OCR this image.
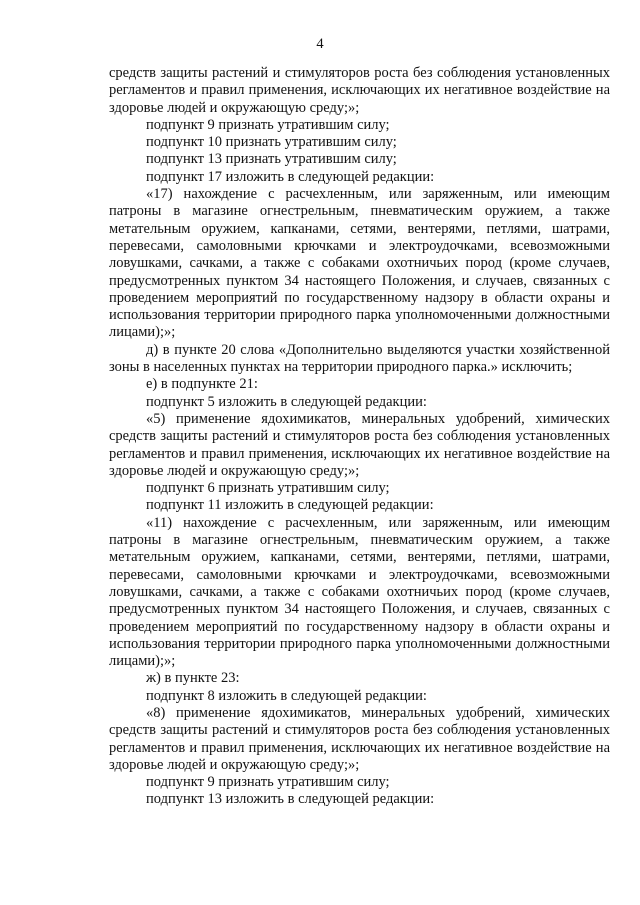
4

средств защиты растений и стимуляторов роста без соблюдения установленных регламентов и правил применения, исключающих их негативное воздействие на здоровье людей и окружающую среду;»;

подпункт 9 признать утратившим силу;

подпункт 10 признать утратившим силу;

подпункт 13 признать утратившим силу;

подпункт 17 изложить в следующей редакции:

«17) нахождение с расчехленным, или заряженным, или имеющим патроны в магазине огнестрельным, пневматическим оружием, а также метательным оружием, капканами, сетями, вентерями, петлями, шатрами, перевесами, самоловными крючками и электроудочками, всевозможными ловушками, сачками, а также с собаками охотничьих пород (кроме случаев, предусмотренных пунктом 34 настоящего Положения, и случаев, связанных с проведением мероприятий по государственному надзору в области охраны и использования территории природного парка уполномоченными должностными лицами);»;

д) в пункте 20 слова «Дополнительно выделяются участки хозяйственной зоны в населенных пунктах на территории природного парка.» исключить;

е) в подпункте 21:

подпункт 5 изложить в следующей редакции:

«5) применение ядохимикатов, минеральных удобрений, химических средств защиты растений и стимуляторов роста без соблюдения установленных регламентов и правил применения, исключающих их негативное воздействие на здоровье людей и окружающую среду;»;

подпункт 6 признать утратившим силу;

подпункт 11 изложить в следующей редакции:

«11) нахождение с расчехленным, или заряженным, или имеющим патроны в магазине огнестрельным, пневматическим оружием, а также метательным оружием, капканами, сетями, вентерями, петлями, шатрами, перевесами, самоловными крючками и электроудочками, всевозможными ловушками, сачками, а также с собаками охотничьих пород (кроме случаев, предусмотренных пунктом 34 настоящего Положения, и случаев, связанных с проведением мероприятий по государственному надзору в области охраны и использования территории природного парка уполномоченными должностными лицами);»;

ж) в пункте 23:

подпункт 8 изложить в следующей редакции:

«8) применение ядохимикатов, минеральных удобрений, химических средств защиты растений и стимуляторов роста без соблюдения установленных регламентов и правил применения, исключающих их негативное воздействие на здоровье людей и окружающую среду;»;

подпункт 9 признать утратившим силу;

подпункт 13 изложить в следующей редакции:
